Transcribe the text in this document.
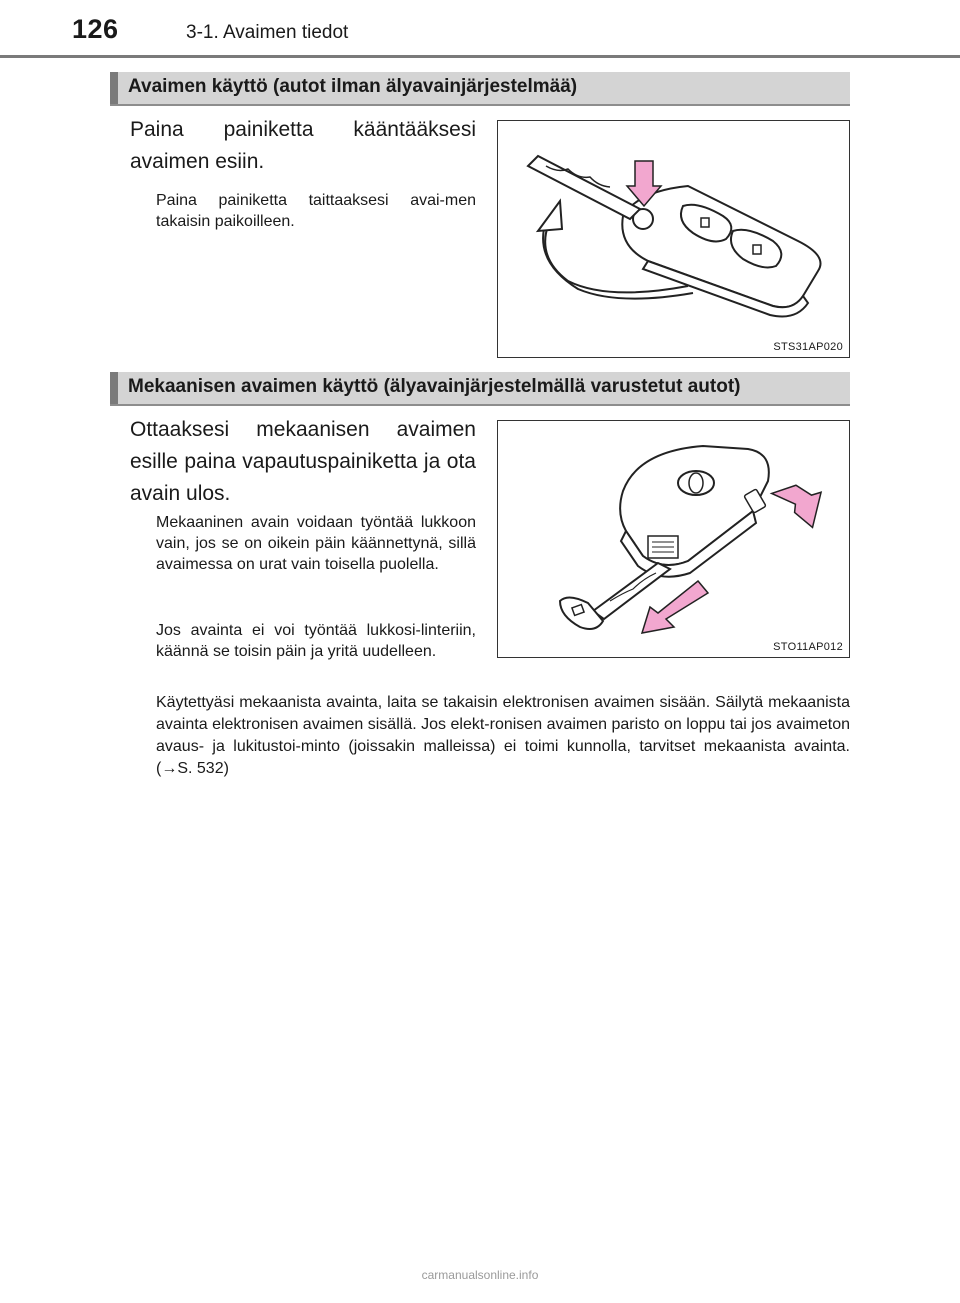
126	3-1. Avaimen tiedot
Avaimen käyttö (autot ilman älyavainjärjestelmää)
Paina painiketta kääntääksesi avaimen esiin.
Paina painiketta taittaaksesi avai-men takaisin paikoilleen.
STS31AP020
Mekaanisen avaimen käyttö (älyavainjärjestelmällä varustetut autot)
Ottaaksesi mekaanisen avaimen esille paina vapautuspainiketta ja ota avain ulos.
Mekaaninen avain voidaan työntää lukkoon vain, jos se on oikein päin käännettynä, sillä avaimessa on urat vain toisella puolella.
Jos avainta ei voi työntää lukkosi-linteriin, käännä se toisin päin ja yritä uudelleen.	STO11AP012
Käytettyäsi mekaanista avainta, laita se takaisin elektronisen avaimen sisään. Säilytä mekaanista avainta elektronisen avaimen sisällä. Jos elekt-ronisen avaimen paristo on loppu tai jos avaimeton avaus- ja lukitustoi-minto (joissakin malleissa) ei toimi kunnolla, tarvitset mekaanista avainta. (→S. 532)
carmanualsonline.info
